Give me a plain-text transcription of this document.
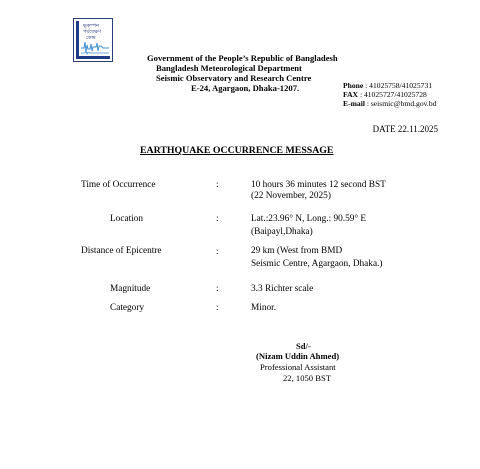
ভূকম্পন
পর্যবেক্ষণ
কেন্দ্র
Government of the People’s Republic of Bangladesh
Bangladesh Meteorological Department
Seismic Observatory and Research Centre
E-24, Agargaon, Dhaka-1207.	Phone : 41025758/41025731
FAX : 41025727/41025728
E-mail : seismic@bmd.gov.bd
DATE 22.11.2025
EARTHQUAKE OCCURRENCE MESSAGE
Time of Occurrence	:	10 hours 36 minutes 12 second BST
(22 November, 2025)
Location	:	Lat.:23.96° N, Long.: 90.59° E
(Baipayl,Dhaka)
Distance of Epicentre	:	29 km (West from BMD
Seismic Centre, Agargaon, Dhaka.)
Magnitude	:	3.3 Richter scale
Category	:	Minor.
Sd/-
(Nizam Uddin Ahmed)
Professional Assistant
22, 1050 BST
